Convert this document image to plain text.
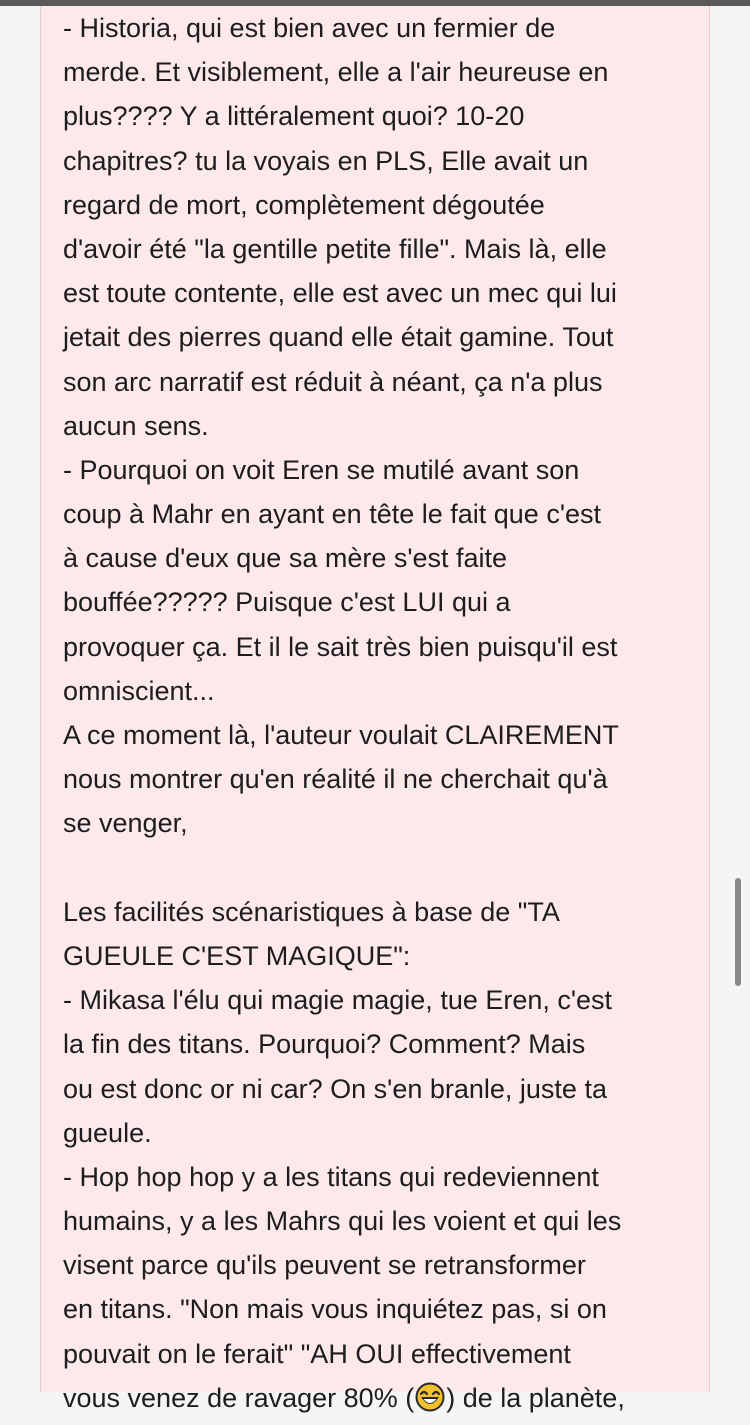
- Historia, qui est bien avec un fermier de
merde. Et visiblement, elle a l'air heureuse en
plus???? Y a littéralement quoi? 10-20
chapitres? tu la voyais en PLS, Elle avait un
regard de mort, complètement dégoutée
d'avoir été "la gentille petite fille". Mais là, elle
est toute contente, elle est avec un mec qui lui
jetait des pierres quand elle était gamine. Tout
son arc narratif est réduit à néant, ça n'a plus
aucun sens.
- Pourquoi on voit Eren se mutilé avant son
coup à Mahr en ayant en tête le fait que c'est
à cause d'eux que sa mère s'est faite
bouffée????? Puisque c'est LUI qui a
provoquer ça. Et il le sait très bien puisqu'il est
omniscient...
A ce moment là, l'auteur voulait CLAIREMENT
nous montrer qu'en réalité il ne cherchait qu'à
se venger,
Les facilités scénaristiques à base de "TA
GUEULE C'EST MAGIQUE":
- Mikasa l'élu qui magie magie, tue Eren, c'est
la fin des titans. Pourquoi? Comment? Mais
ou est donc or ni car? On s'en branle, juste ta
gueule.
- Hop hop hop y a les titans qui redeviennent
humains, y a les Mahrs qui les voient et qui les
visent parce qu'ils peuvent se retransformer
en titans. "Non mais vous inquiétez pas, si on
pouvait on le ferait" "AH OUI effectivement
vous venez de ravager 80% ( ) de la planète,
